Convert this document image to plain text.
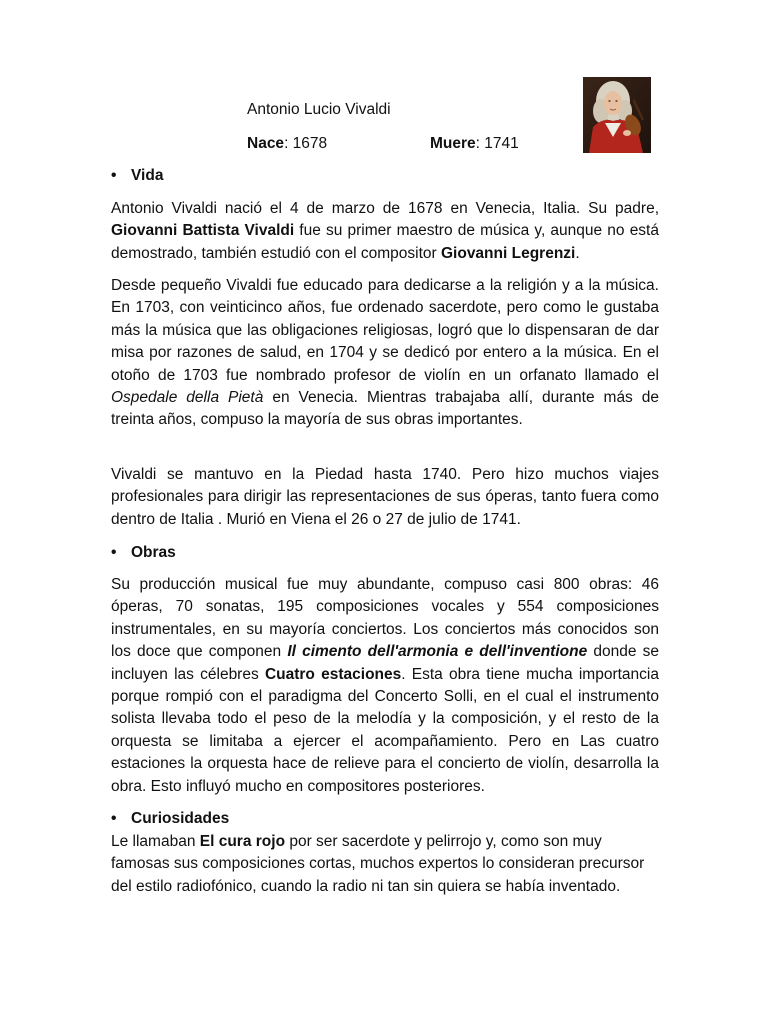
Antonio Lucio Vivaldi
Nace: 1678	Muere: 1741
• Vida
Antonio Vivaldi nació el 4 de marzo de 1678 en Venecia, Italia. Su padre, Giovanni Battista Vivaldi fue su primer maestro de música y, aunque no está demostrado, también estudió con el compositor Giovanni Legrenzi.
Desde pequeño Vivaldi fue educado para dedicarse a la religión y a la música. En 1703, con veinticinco años, fue ordenado sacerdote, pero como le gustaba más la música que las obligaciones religiosas, logró que lo dispensaran de dar misa por razones de salud, en 1704 y se dedicó por entero a la música. En el otoño de 1703 fue nombrado profesor de violín en un orfanato llamado el Ospedale della Pietà en Venecia. Mientras trabajaba allí, durante más de treinta años, compuso la mayoría de sus obras importantes.
Vivaldi se mantuvo en la Piedad hasta 1740. Pero hizo muchos viajes profesionales para dirigir las representaciones de sus óperas, tanto fuera como dentro de Italia . Murió en Viena el 26 o 27 de julio de 1741.
• Obras
Su producción musical fue muy abundante, compuso casi 800 obras: 46 óperas, 70 sonatas, 195 composiciones vocales y 554 composiciones instrumentales, en su mayoría conciertos. Los conciertos más conocidos son los doce que componen Il cimento dell'armonia e dell'inventione donde se incluyen las célebres Cuatro estaciones. Esta obra tiene mucha importancia porque rompió con el paradigma del Concerto Solli, en el cual el instrumento solista llevaba todo el peso de la melodía y la composición, y el resto de la orquesta se limitaba a ejercer el acompañamiento. Pero en Las cuatro estaciones la orquesta hace de relieve para el concierto de violín, desarrolla la obra. Esto influyó mucho en compositores posteriores.
• Curiosidades
Le llamaban El cura rojo por ser sacerdote y pelirrojo y, como son muy famosas sus composiciones cortas, muchos expertos lo consideran precursor del estilo radiofónico, cuando la radio ni tan sin quiera se había inventado.
